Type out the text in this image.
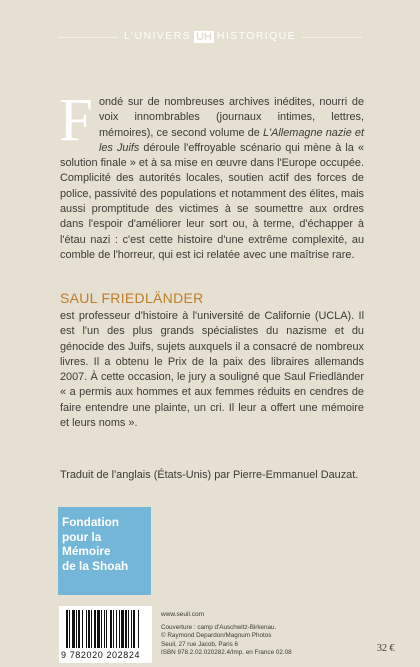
L'UNIVERS UH HISTORIQUE
Fondé sur de nombreuses archives inédites, nourri de voix innombrables (journaux intimes, lettres, mémoires), ce second volume de L'Allemagne nazie et les Juifs déroule l'effroyable scénario qui mène à la « solution finale » et à sa mise en œuvre dans l'Europe occupée. Complicité des autorités locales, soutien actif des forces de police, passivité des populations et notamment des élites, mais aussi promptitude des victimes à se soumettre aux ordres dans l'espoir d'améliorer leur sort ou, à terme, d'échapper à l'étau nazi : c'est cette histoire d'une extrême complexité, au comble de l'horreur, qui est ici relatée avec une maîtrise rare.
SAUL FRIEDLÄNDER
est professeur d'histoire à l'université de Californie (UCLA). Il est l'un des plus grands spécialistes du nazisme et du génocide des Juifs, sujets auxquels il a consacré de nombreux livres. Il a obtenu le Prix de la paix des libraires allemands 2007. À cette occasion, le jury a souligné que Saul Friedländer « a permis aux hommes et aux femmes réduits en cendres de faire entendre une plainte, un cri. Il leur a offert une mémoire et leurs noms ».
Traduit de l'anglais (États-Unis) par Pierre-Emmanuel Dauzat.
Fondation
pour la
Mémoire
de la Shoah
9 782020 202824
www.seuil.com
Couverture : camp d'Auschwitz-Birkenau.
© Raymond Depardon/Magnum Photos
Seuil, 27 rue Jacob, Paris 6
ISBN 978.2.02.020282.4/Imp. en France 02.08	32 €
